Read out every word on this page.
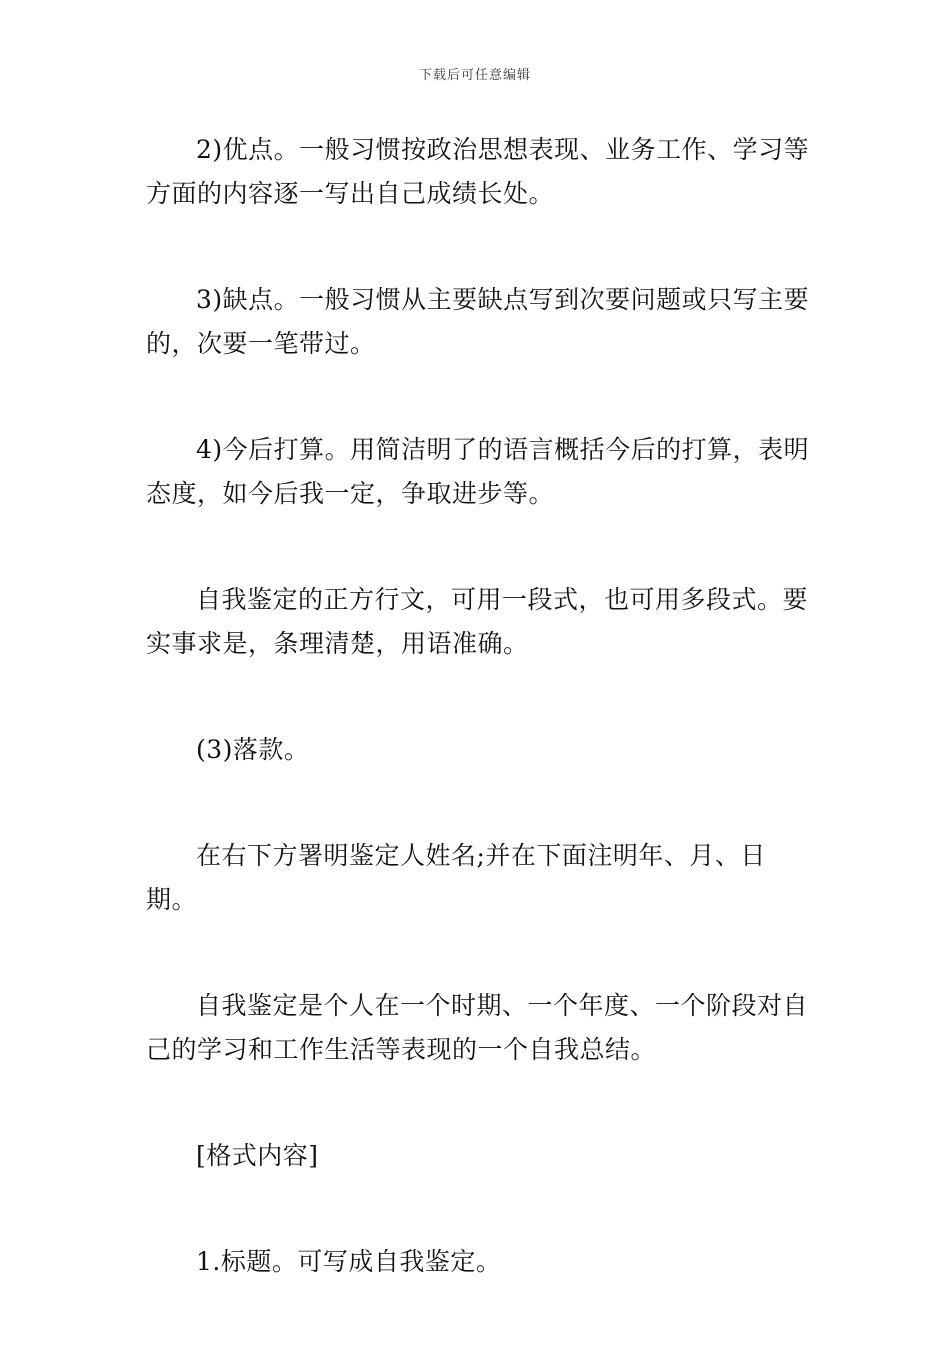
下载后可任意编辑

2)优点。一般习惯按政治思想表现、业务工作、学习等方面的内容逐一写出自己成绩长处。

3)缺点。一般习惯从主要缺点写到次要问题或只写主要的，次要一笔带过。

4)今后打算。用简洁明了的语言概括今后的打算，表明态度，如今后我一定，争取进步等。

自我鉴定的正方行文，可用一段式，也可用多段式。要实事求是，条理清楚，用语准确。

(3)落款。

在右下方署明鉴定人姓名;并在下面注明年、月、日期。

自我鉴定是个人在一个时期、一个年度、一个阶段对自己的学习和工作生活等表现的一个自我总结。

[格式内容]

1.标题。可写成自我鉴定。
